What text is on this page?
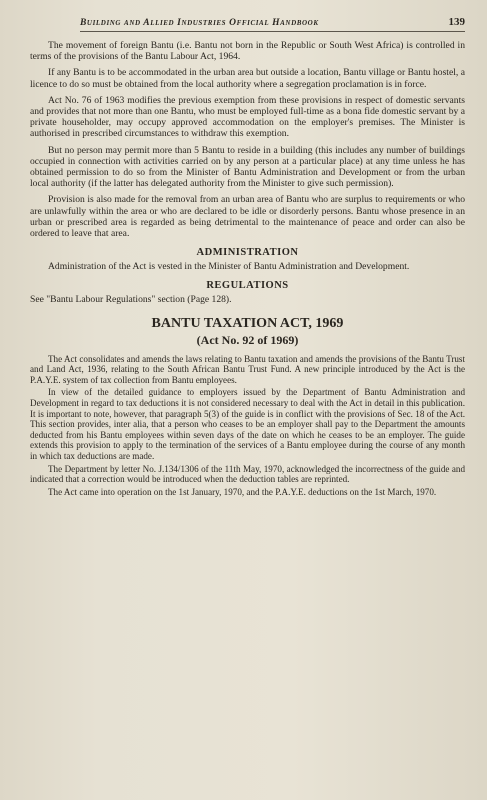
Building and Allied Industries Official Handbook	139

The movement of foreign Bantu (i.e. Bantu not born in the Republic or South West Africa) is controlled in terms of the provisions of the Bantu Labour Act, 1964.

If any Bantu is to be accommodated in the urban area but outside a location, Bantu village or Bantu hostel, a licence to do so must be obtained from the local authority where a segregation proclamation is in force.

Act No. 76 of 1963 modifies the previous exemption from these provisions in respect of domestic servants and provides that not more than one Bantu, who must be employed full-time as a bona fide domestic servant by a private householder, may occupy approved accommodation on the employer's premises. The Minister is authorised in prescribed circumstances to withdraw this exemption.

But no person may permit more than 5 Bantu to reside in a building (this includes any number of buildings occupied in connection with activities carried on by any person at a particular place) at any time unless he has obtained permission to do so from the Minister of Bantu Administration and Development or from the urban local authority (if the latter has delegated authority from the Minister to give such permission).

Provision is also made for the removal from an urban area of Bantu who are surplus to requirements or who are unlawfully within the area or who are declared to be idle or disorderly persons. Bantu whose presence in an urban or prescribed area is regarded as being detrimental to the maintenance of peace and order can also be ordered to leave that area.

ADMINISTRATION

Administration of the Act is vested in the Minister of Bantu Administration and Development.

REGULATIONS

See "Bantu Labour Regulations" section (Page 128).

BANTU TAXATION ACT, 1969
(Act No. 92 of 1969)

The Act consolidates and amends the laws relating to Bantu taxation and amends the provisions of the Bantu Trust and Land Act, 1936, relating to the South African Bantu Trust Fund. A new principle introduced by the Act is the P.A.Y.E. system of tax collection from Bantu employees.

In view of the detailed guidance to employers issued by the Department of Bantu Administration and Development in regard to tax deductions it is not considered necessary to deal with the Act in detail in this publication. It is important to note, however, that paragraph 5(3) of the guide is in conflict with the provisions of Sec. 18 of the Act. This section provides, inter alia, that a person who ceases to be an employer shall pay to the Department the amounts deducted from his Bantu employees within seven days of the date on which he ceases to be an employer. The guide extends this provision to apply to the termination of the services of a Bantu employee during the course of any month in which tax deductions are made.

The Department by letter No. J.134/1306 of the 11th May, 1970, acknowledged the incorrectness of the guide and indicated that a correction would be introduced when the deduction tables are reprinted.

The Act came into operation on the 1st January, 1970, and the P.A.Y.E. deductions on the 1st March, 1970.
